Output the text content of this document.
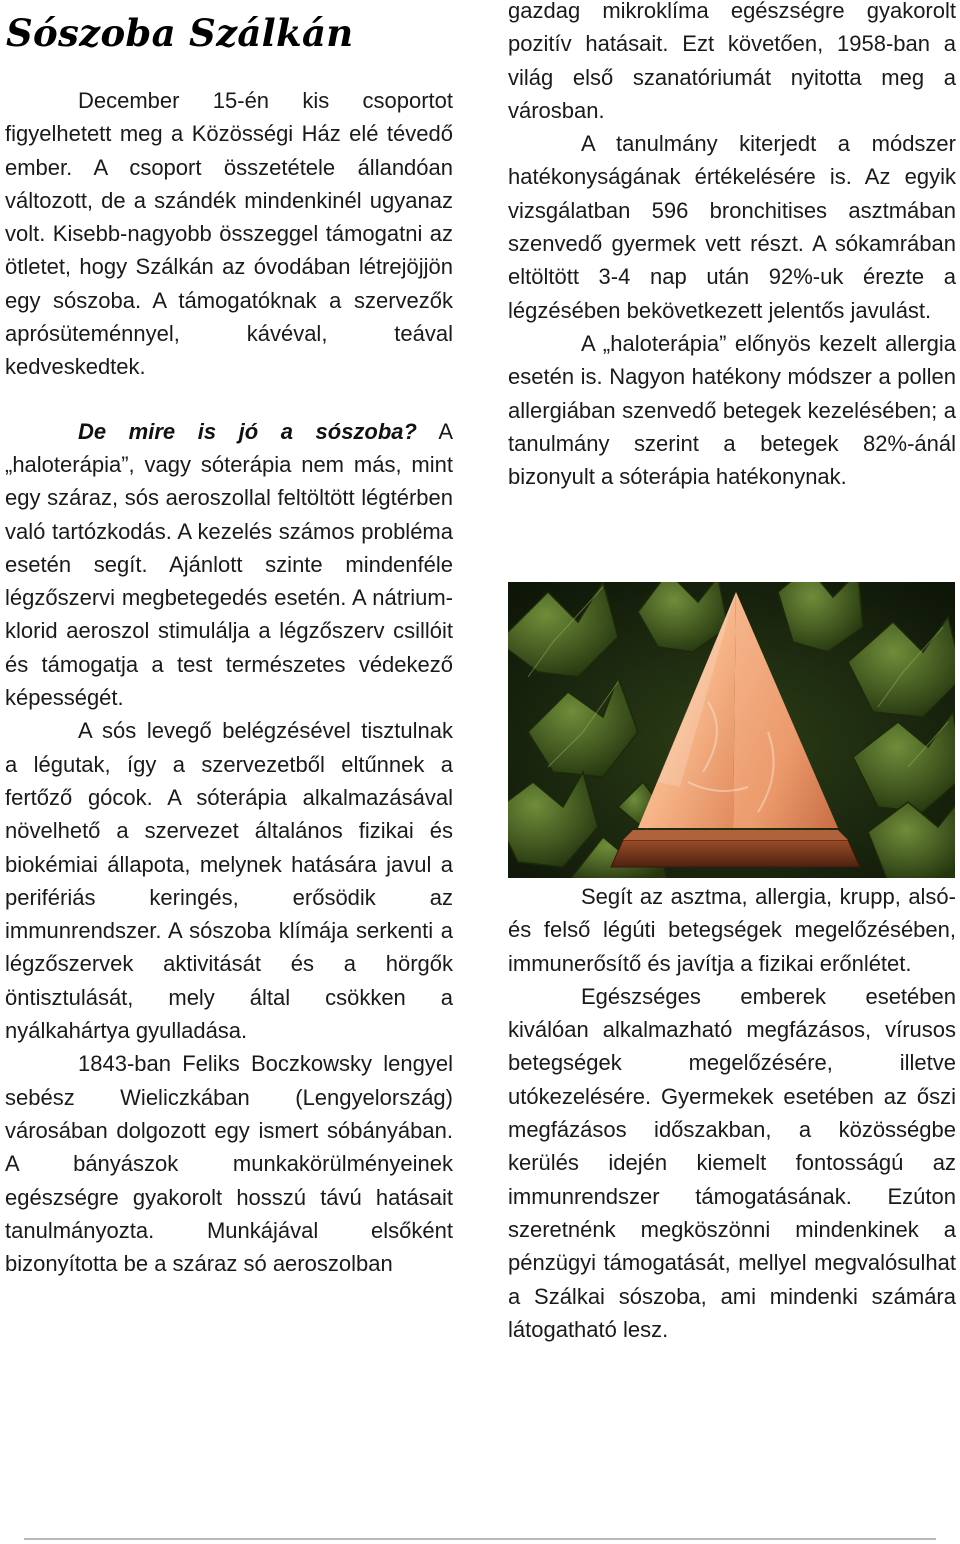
Sószoba Szálkán

December 15-én kis csoportot figyelhetett meg a Közösségi Ház elé tévedő ember. A csoport összetétele állandóan változott, de a szándék mindenkinél ugyanaz volt. Kisebb-nagyobb összeggel támogatni az ötletet, hogy Szálkán az óvodában létrejöjjön egy sószoba. A támogatóknak a szervezők aprósüteménnyel, kávéval, teával kedveskedtek.

De mire is jó a sószoba? A „haloterápia”, vagy sóterápia nem más, mint egy száraz, sós aeroszollal feltöltött légtérben való tartózkodás. A kezelés számos probléma esetén segít. Ajánlott szinte mindenféle légzőszervi megbetegedés esetén. A nátrium-klorid aeroszol stimulálja a légzőszerv csillóit és támogatja a test természetes védekező képességét.

A sós levegő belégzésével tisztulnak a légutak, így a szervezetből eltűnnek a fertőző gócok. A sóterápia alkalmazásával növelhető a szervezet általános fizikai és biokémiai állapota, melynek hatására javul a perifériás keringés, erősödik az immunrendszer. A sószoba klímája serkenti a légzőszervek aktivitását és a hörgők öntisztulását, mely által csökken a nyálkahártya gyulladása.

1843-ban Feliks Boczkowsky lengyel sebész Wieliczkában (Lengyelország) városában dolgozott egy ismert sóbányában. A bányászok munkakörülményeinek egészségre gyakorolt hosszú távú hatásait tanulmányozta. Munkájával elsőként bizonyította be a száraz só aeroszolban

gazdag mikroklíma egészségre gyakorolt pozitív hatásait. Ezt követően, 1958-ban a világ első szanatóriumát nyitotta meg a városban.

A tanulmány kiterjedt a módszer hatékonyságának értékelésére is. Az egyik vizsgálatban 596 bronchitises asztmában szenvedő gyermek vett részt. A sókamrában eltöltött 3-4 nap után 92%-uk érezte a légzésében bekövetkezett jelentős javulást.

A „haloterápia” előnyös kezelt allergia esetén is. Nagyon hatékony módszer a pollen allergiában szenvedő betegek kezelésében; a tanulmány szerint a betegek 82%-ánál bizonyult a sóterápia hatékonynak.

Segít az asztma, allergia, krupp, alsó- és felső légúti betegségek megelőzésében, immunerősítő és javítja a fizikai erőnlétet.

Egészséges emberek esetében kiválóan alkalmazható megfázásos, vírusos betegségek megelőzésére, illetve utókezelésére. Gyermekek esetében az őszi megfázásos időszakban, a közösségbe kerülés idején kiemelt fontosságú az immunrendszer támogatásának. Ezúton szeretnénk megköszönni mindenkinek a pénzügyi támogatását, mellyel megvalósulhat a Szálkai sószoba, ami mindenki számára látogatható lesz.
